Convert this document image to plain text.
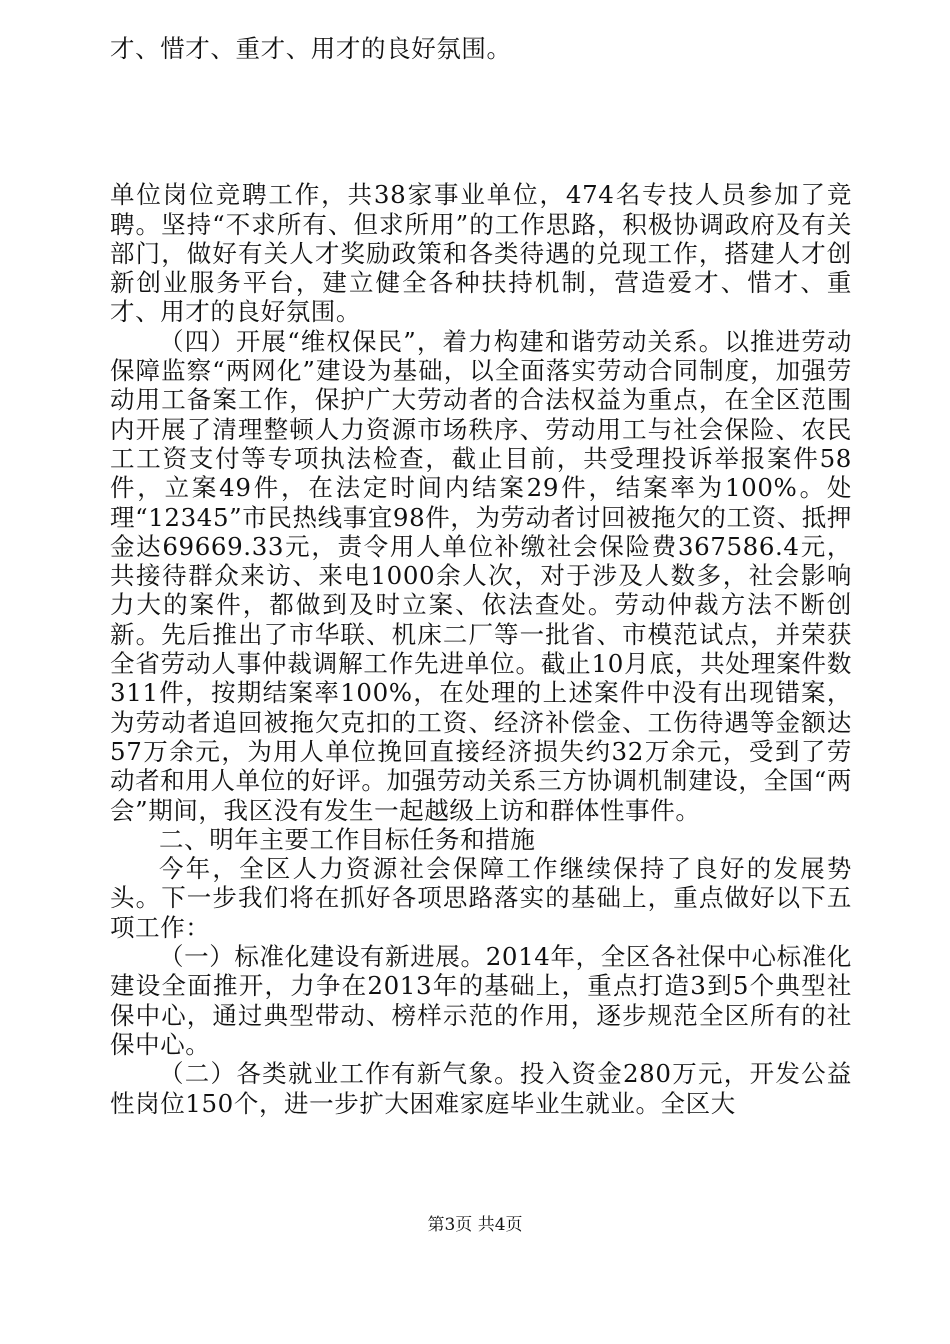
才、惜才、重才、用才的良好氛围。

单位岗位竞聘工作，共38家事业单位，474名专技人员参加了竞聘。坚持“不求所有、但求所用”的工作思路，积极协调政府及有关部门，做好有关人才奖励政策和各类待遇的兑现工作，搭建人才创新创业服务平台，建立健全各种扶持机制，营造爱才、惜才、重才、用才的良好氛围。

（四）开展“维权保民”，着力构建和谐劳动关系。以推进劳动保障监察“两网化”建设为基础，以全面落实劳动合同制度，加强劳动用工备案工作，保护广大劳动者的合法权益为重点，在全区范围内开展了清理整顿人力资源市场秩序、劳动用工与社会保险、农民工工资支付等专项执法检查，截止目前，共受理投诉举报案件58件，立案49件，在法定时间内结案29件，结案率为100%。处理“12345”市民热线事宜98件，为劳动者讨回被拖欠的工资、抵押金达69669.33元，责令用人单位补缴社会保险费367586.4元，共接待群众来访、来电1000余人次，对于涉及人数多，社会影响力大的案件，都做到及时立案、依法查处。劳动仲裁方法不断创新。先后推出了市华联、机床二厂等一批省、市模范试点，并荣获全省劳动人事仲裁调解工作先进单位。截止10月底，共处理案件数311件，按期结案率100%，在处理的上述案件中没有出现错案，为劳动者追回被拖欠克扣的工资、经济补偿金、工伤待遇等金额达57万余元，为用人单位挽回直接经济损失约32万余元，受到了劳动者和用人单位的好评。加强劳动关系三方协调机制建设，全国“两会”期间，我区没有发生一起越级上访和群体性事件。

二、明年主要工作目标任务和措施

今年，全区人力资源社会保障工作继续保持了良好的发展势头。下一步我们将在抓好各项思路落实的基础上，重点做好以下五项工作：

（一）标准化建设有新进展。2014年，全区各社保中心标准化建设全面推开，力争在2013年的基础上，重点打造3到5个典型社保中心，通过典型带动、榜样示范的作用，逐步规范全区所有的社保中心。

（二）各类就业工作有新气象。投入资金280万元，开发公益性岗位150个，进一步扩大困难家庭毕业生就业。全区大

第3页 共4页
